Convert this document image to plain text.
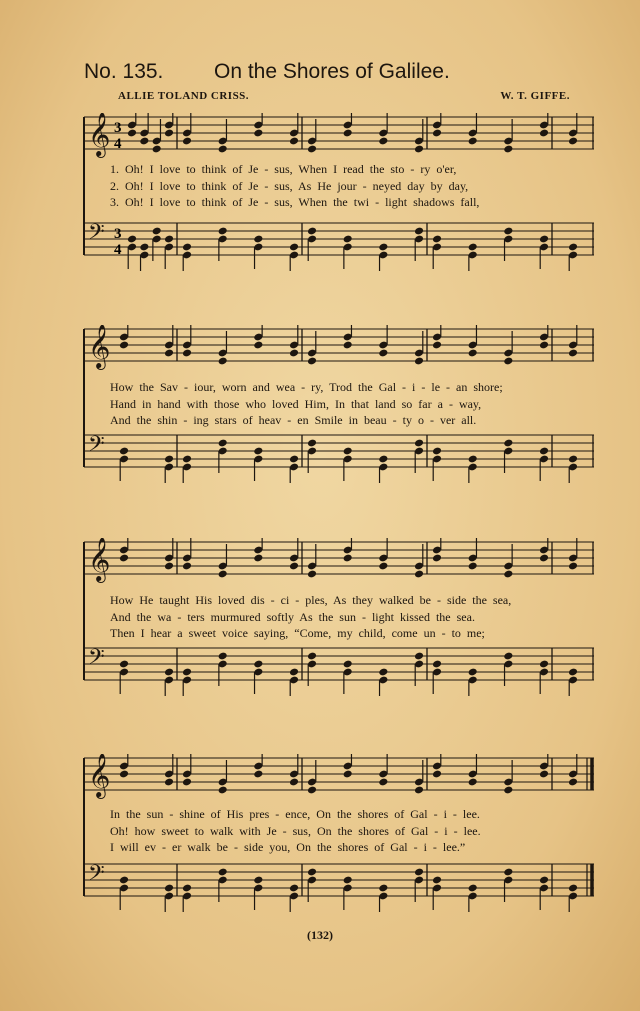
No. 135. On the Shores of Galilee.
ALLIE TOLAND CRISS.	W. T. GIFFE.
𝄞 3
4
𝄢 3
4
1. Oh! I love to think of Je - sus, When I read the sto - ry o'er,
2. Oh! I love to think of Je - sus, As He jour - neyed day by day,
3. Oh! I love to think of Je - sus, When the twi - light shadows fall,
𝄞
𝄢
How the Sav - iour, worn and wea - ry, Trod the Gal - i - le - an shore;
Hand in hand with those who loved Him, In that land so far a - way,
And the shin - ing stars of heav - en Smile in beau - ty o - ver all.
𝄞
𝄢
How He taught His loved dis - ci - ples, As they walked be - side the sea,
And the wa - ters murmured softly As the sun - light kissed the sea.
Then I hear a sweet voice saying, “Come, my child, come un - to me;
𝄞
𝄢
In the sun - shine of His pres - ence, On the shores of Gal - i - lee.
Oh! how sweet to walk with Je - sus, On the shores of Gal - i - lee.
I will ev - er walk be - side you, On the shores of Gal - i - lee.”
(132)
